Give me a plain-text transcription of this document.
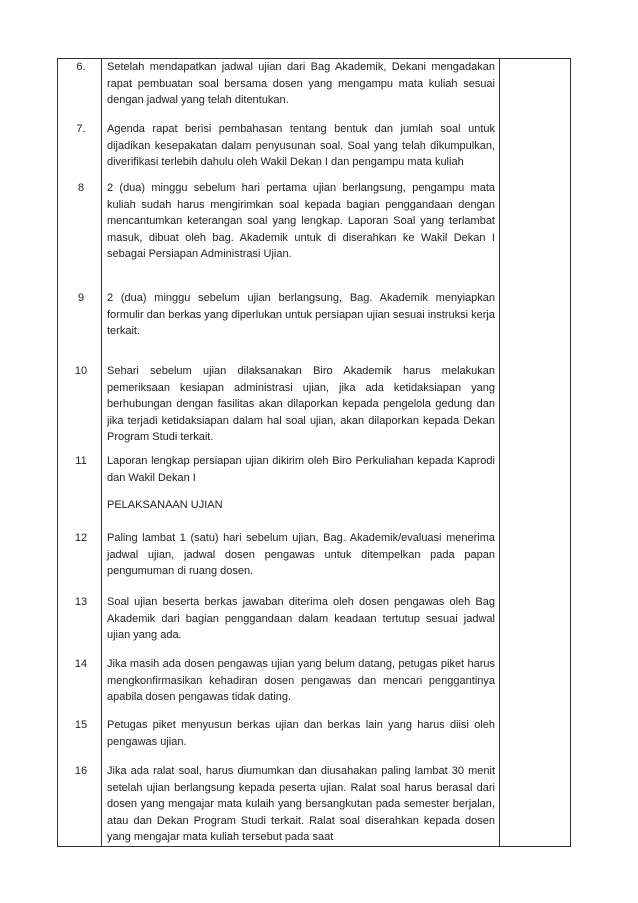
6.	Setelah mendapatkan jadwal ujian dari Bag Akademik, Dekani mengadakan rapat pembuatan soal bersama dosen yang mengampu mata kuliah sesuai dengan jadwal yang telah ditentukan.	

7.	Agenda rapat berisi pembahasan tentang bentuk dan jumlah soal untuk dijadikan kesepakatan dalam penyusunan soal. Soal yang telah dikumpulkan, diverifikasi terlebih dahulu oleh Wakil Dekan I dan pengampu mata kuliah	

8	2 (dua) minggu sebelum hari pertama ujian berlangsung, pengampu mata kuliah sudah harus mengirimkan soal kepada bagian penggandaan dengan mencantumkan keterangan soal yang lengkap. Laporan Soal yang terlambat masuk, dibuat oleh bag. Akademik untuk di diserahkan ke Wakil Dekan I sebagai Persiapan Administrasi Ujian.	

9	2 (dua) minggu sebelum ujian berlangsung, Bag. Akademik menyiapkan formulir dan berkas yang diperlukan untuk persiapan ujian sesuai instruksi kerja terkait.	

10	Sehari sebelum ujian dilaksanakan Biro Akademik harus melakukan pemeriksaan kesiapan administrasi ujian, jika ada ketidaksiapan yang berhubungan dengan fasilitas akan dilaporkan kepada pengelola gedung dan jika terjadi ketidaksiapan dalam hal soal ujian, akan dilaporkan kepada Dekan Program Studi terkait.	

11	Laporan lengkap persiapan ujian dikirim oleh Biro Perkuliahan kepada Kaprodi dan Wakil Dekan I	

	PELAKSANAAN UJIAN	

12	Paling lambat 1 (satu) hari sebelum ujian, Bag. Akademik/evaluasi menerima jadwal ujian, jadwal dosen pengawas untuk ditempelkan pada papan pengumuman di ruang dosen.	

13	Soal ujian beserta berkas jawaban diterima oleh dosen pengawas oleh Bag Akademik dari bagian penggandaan dalam keadaan tertutup sesuai jadwal ujian yang ada.	

14	Jika masih ada dosen pengawas ujian yang belum datang, petugas piket harus mengkonfirmasikan kehadiran dosen pengawas dan mencari penggantinya apabila dosen pengawas tidak dating.	

15	Petugas piket menyusun berkas ujian dan berkas lain yang harus diisi oleh pengawas ujian.	

16	Jika ada ralat soal, harus diumumkan dan diusahakan paling lambat 30 menit setelah ujian berlangsung kepada peserta ujian. Ralat soal harus berasal dari dosen yang mengajar mata kulaih yang bersangkutan pada semester berjalan, atau dan Dekan Program Studi terkait. Ralat soal diserahkan kepada dosen yang mengajar mata kuliah tersebut pada saat	
